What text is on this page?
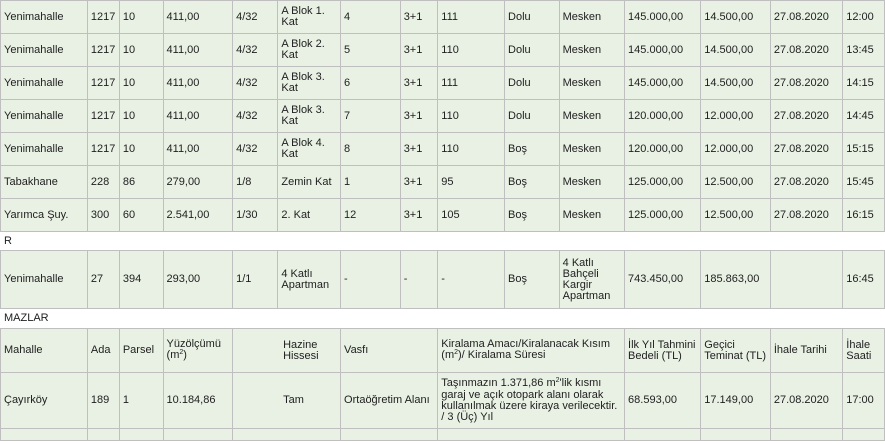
Yenimahalle	1217	10	411,00	4/32	A Blok 1. Kat	4	3+1	111	Dolu	Mesken	145.000,00	14.500,00	27.08.2020	12:00
Yenimahalle	1217	10	411,00	4/32	A Blok 2. Kat	5	3+1	110	Dolu	Mesken	145.000,00	14.500,00	27.08.2020	13:45
Yenimahalle	1217	10	411,00	4/32	A Blok 3. Kat	6	3+1	111	Dolu	Mesken	145.000,00	14.500,00	27.08.2020	14:15
Yenimahalle	1217	10	411,00	4/32	A Blok 3. Kat	7	3+1	110	Dolu	Mesken	120.000,00	12.000,00	27.08.2020	14:45
Yenimahalle	1217	10	411,00	4/32	A Blok 4. Kat	8	3+1	110	Boş	Mesken	120.000,00	12.000,00	27.08.2020	15:15
Tabakhane	228	86	279,00	1/8	Zemin Kat	1	3+1	95	Boş	Mesken	125.000,00	12.500,00	27.08.2020	15:45
Yarımca Şuy.	300	60	2.541,00	1/30	2. Kat	12	3+1	105	Boş	Mesken	125.000,00	12.500,00	27.08.2020	16:15
R														
Yenimahalle	27	394	293,00	1/1	4 Katlı Apartman	-	-	-	Boş	4 Katlı Bahçeli Kargir Apartman	743.450,00	185.863,00		16:45
MAZLAR														
Mahalle	Ada	Parsel	Yüzölçümü $(m^2)$	Hazine Hissesi		Vasfı		Kiralama Amacı/Kiralanacak Kısım $(m^2)/$ Kiralama Süresi			İlk Yıl Tahmini Bedeli (TL)	Geçici Teminat (TL)	İhale Tarihi	İhale Saati
Çayırköy	189	1	10.184,86	Tam		Ortaöğretim Alanı		Taşınmazın 1.371,86 $m^2'lik$ kısmı garaj ve açık otopark alanı olarak kullanılmak üzere kiraya verilecektir. / 3 (Üç) Yıl			68.593,00	17.149,00	27.08.2020	17:00
